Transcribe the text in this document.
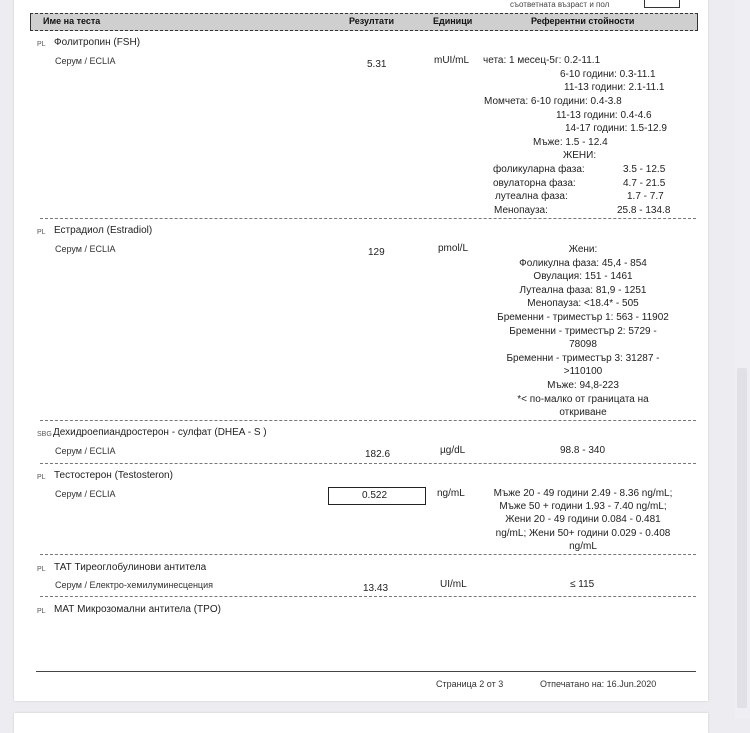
съответната възраст и пол
Име на теста	Резултати	Единици	Референтни стойности
PL Фолитропин (FSH)
Серум / ECLIA	5.31	mUI/mL чета: 1 месец-5г: 0.2-11.1
6-10 години: 0.3-11.1
11-13 години: 2.1-11.1
Момчета: 6-10 години: 0.4-3.8
11-13 години: 0.4-4.6
14-17 години: 1.5-12.9
Мъже: 1.5 - 12.4
ЖЕНИ:
фоликуларна фаза:	3.5 - 12.5
овулаторна фаза:	4.7 - 21.5
лутеална фаза:	1.7 - 7.7
Менопауза:	25.8 - 134.8
PL Естрадиол (Estradiol)
Серум / ECLIA	129	pmol/L	Жени:
Фоликулна фаза: 45,4 - 854
Овулация: 151 - 1461
Лутеална фаза: 81,9 - 1251
Менопауза: <18.4* - 505
Бременни - триместър 1: 563 - 11902
Бременни - триместър 2: 5729 -
78098
Бременни - триместър 3: 31287 -
>110100
Мъже: 94,8-223
*< по-малко от границата на
откриване
SBG Дехидроепиандростерон - сулфат (DHEA - S )
Серум / ECLIA	182.6	µg/dL	98.8 - 340
PL Тестостерон (Testosteron)
Серум / ECLIA	0.522	ng/mL	Мъже 20 - 49 години 2.49 - 8.36 ng/mL;
Мъже 50 + години 1.93 - 7.40 ng/mL;
Жени 20 - 49 години 0.084 - 0.481
ng/mL; Жени 50+ години 0.029 - 0.408
ng/mL
PL ТАТ Тиреоглобулинови антитела
Серум / Електро-хемилуминесценция	13.43	UI/mL	≤ 115
PL МАТ Микрозомални антитела (TPO)
Страница 2 от 3	Отпечатано на: 16.Jun.2020
